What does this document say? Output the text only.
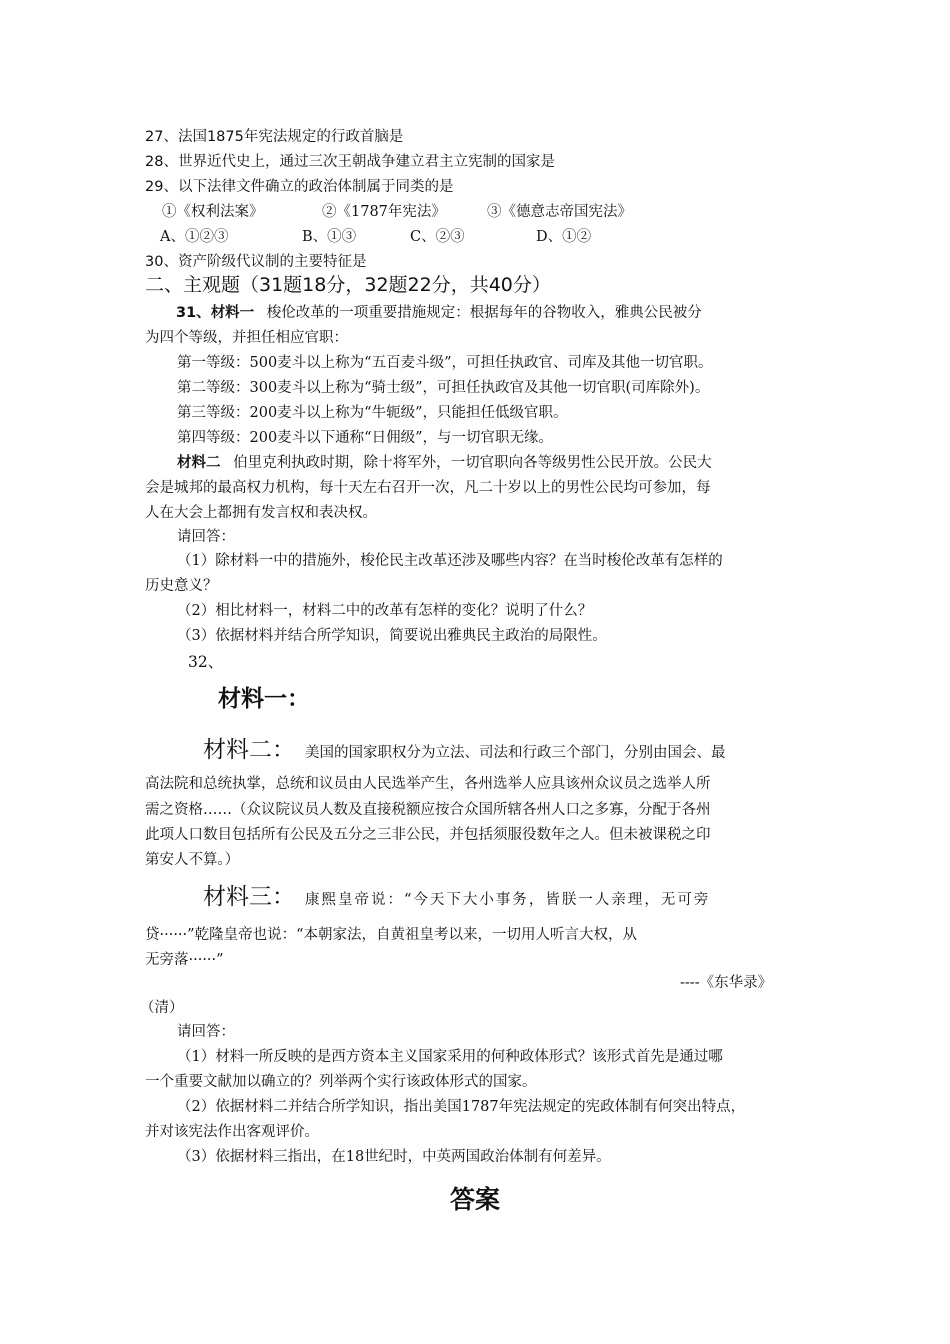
27、法国1875年宪法规定的行政首脑是
28、世界近代史上，通过三次王朝战争建立君主立宪制的国家是
29、以下法律文件确立的政治体制属于同类的是
①《权利法案》	②《1787年宪法》	③《德意志帝国宪法》
A、①②③	B、①③	C、②③	D、①②
30、资产阶级代议制的主要特征是
二、主观题（31题18分，32题22分，共40分）
31、材料一 梭伦改革的一项重要措施规定：根据每年的谷物收入，雅典公民被分
为四个等级，并担任相应官职：
第一等级：500麦斗以上称为“五百麦斗级”，可担任执政官、司库及其他一切官职。
第二等级：300麦斗以上称为“骑士级”，可担任执政官及其他一切官职(司库除外)。
第三等级：200麦斗以上称为“牛轭级”，只能担任低级官职。
第四等级：200麦斗以下通称“日佣级”，与一切官职无缘。
材料二 伯里克利执政时期，除十将军外，一切官职向各等级男性公民开放。公民大
会是城邦的最高权力机构，每十天左右召开一次，凡二十岁以上的男性公民均可参加，每
人在大会上都拥有发言权和表决权。
请回答：
（1）除材料一中的措施外，梭伦民主改革还涉及哪些内容？在当时梭伦改革有怎样的
历史意义？
（2）相比材料一，材料二中的改革有怎样的变化？说明了什么？
（3）依据材料并结合所学知识，简要说出雅典民主政治的局限性。
32、
材料一：
材料二： 美国的国家职权分为立法、司法和行政三个部门，分别由国会、最
高法院和总统执掌，总统和议员由人民选举产生，各州选举人应具该州众议员之选举人所
需之资格……（众议院议员人数及直接税额应按合众国所辖各州人口之多寡，分配于各州
此项人口数目包括所有公民及五分之三非公民，并包括须服役数年之人。但未被课税之印
第安人不算。）
材料三： 康熙皇帝说：“今天下大小事务，皆朕一人亲理，无可旁
贷······”乾隆皇帝也说：“本朝家法，自黄祖皇考以来，一切用人听言大权，从
无旁落······”
----《东华录》
（清）
请回答：
（1）材料一所反映的是西方资本主义国家采用的何种政体形式？该形式首先是通过哪
一个重要文献加以确立的？列举两个实行该政体形式的国家。
（2）依据材料二并结合所学知识，指出美国1787年宪法规定的宪政体制有何突出特点，
并对该宪法作出客观评价。
（3）依据材料三指出，在18世纪时，中英两国政治体制有何差异。
答案
